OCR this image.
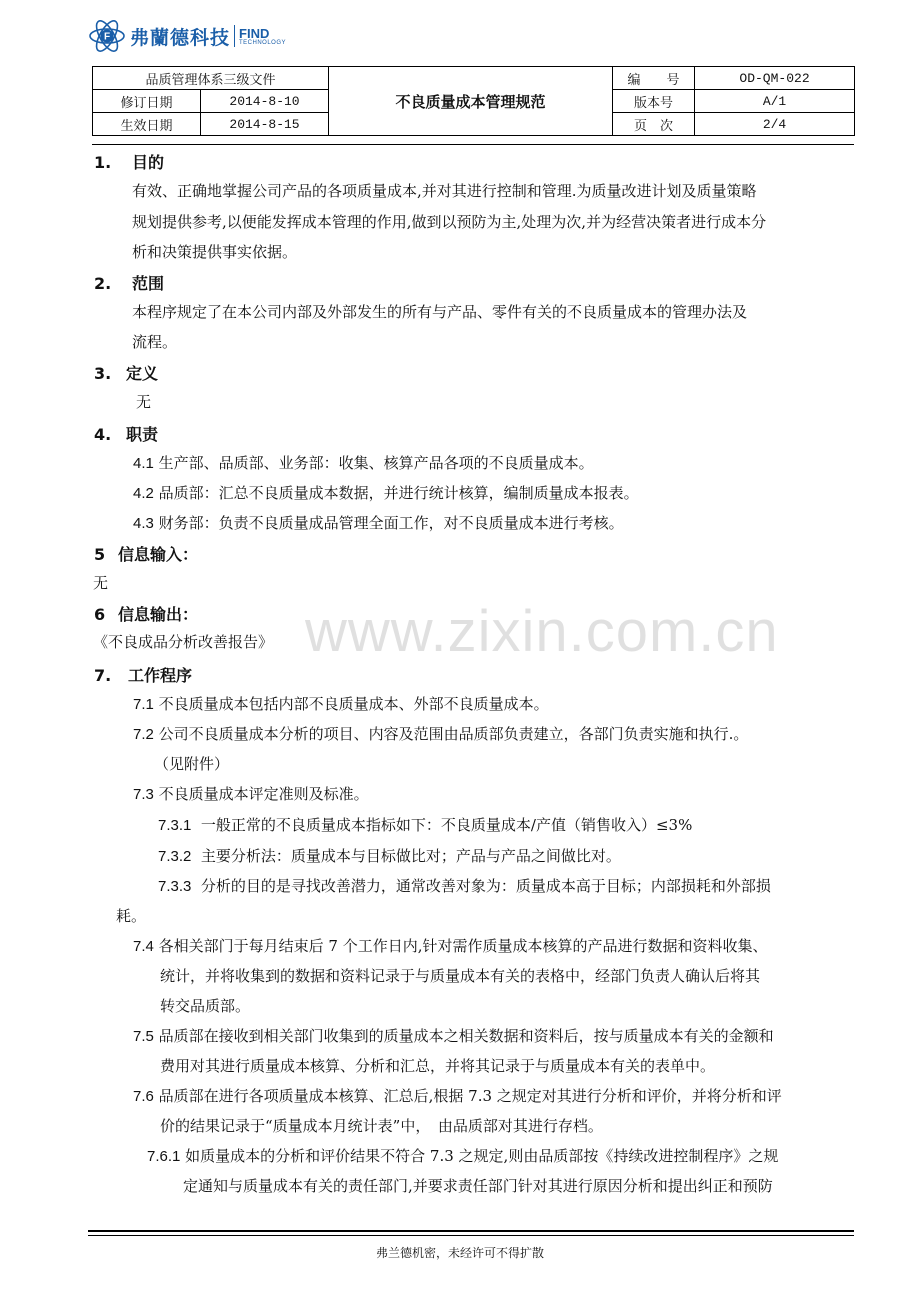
F 弗蘭德科技 FIND
TECHNOLOGY
品质管理体系三级文件		不良质量成本管理规范	编　　号	OD-QM-022
修订日期	2014-8-10		版本号	A/1
生效日期	2014-8-15		页　次	2/4
1. 目的
有效、正确地掌握公司产品的各项质量成本,并对其进行控制和管理.为质量改进计划及质量策略
规划提供参考,以便能发挥成本管理的作用,做到以预防为主,处理为次,并为经营决策者进行成本分
析和决策提供事实依据。
2. 范围
本程序规定了在本公司内部及外部发生的所有与产品、零件有关的不良质量成本的管理办法及
流程。
3. 定义
无
4. 职责
4.1 生产部、品质部、业务部：收集、核算产品各项的不良质量成本。
4.2 品质部：汇总不良质量成本数据，并进行统计核算，编制质量成本报表。
4.3 财务部：负责不良质量成品管理全面工作，对不良质量成本进行考核。
5 信息输入：
无
6 信息输出：
《不良成品分析改善报告》 www.zixin.com.cn
7. 工作程序
7.1 不良质量成本包括内部不良质量成本、外部不良质量成本。
7.2 公司不良质量成本分析的项目、内容及范围由品质部负责建立，各部门负责实施和执行.。
（见附件）
7.3 不良质量成本评定准则及标准。
7.3.1 一般正常的不良质量成本指标如下：不良质量成本/产值（销售收入）≤3%
7.3.2 主要分析法：质量成本与目标做比对；产品与产品之间做比对。
7.3.3 分析的目的是寻找改善潜力，通常改善对象为：质量成本高于目标；内部损耗和外部损
耗。
7.4 各相关部门于每月结束后 7 个工作日内,针对需作质量成本核算的产品进行数据和资料收集、
统计，并将收集到的数据和资料记录于与质量成本有关的表格中，经部门负责人确认后将其
转交品质部。
7.5 品质部在接收到相关部门收集到的质量成本之相关数据和资料后，按与质量成本有关的金额和
费用对其进行质量成本核算、分析和汇总，并将其记录于与质量成本有关的表单中。
7.6 品质部在进行各项质量成本核算、汇总后,根据 7.3 之规定对其进行分析和评价，并将分析和评
价的结果记录于“质量成本月统计表”中，　由品质部对其进行存档。
7.6.1 如质量成本的分析和评价结果不符合 7.3 之规定,则由品质部按《持续改进控制程序》之规
定通知与质量成本有关的责任部门,并要求责任部门针对其进行原因分析和提出纠正和预防
弗兰德机密，未经许可不得扩散
